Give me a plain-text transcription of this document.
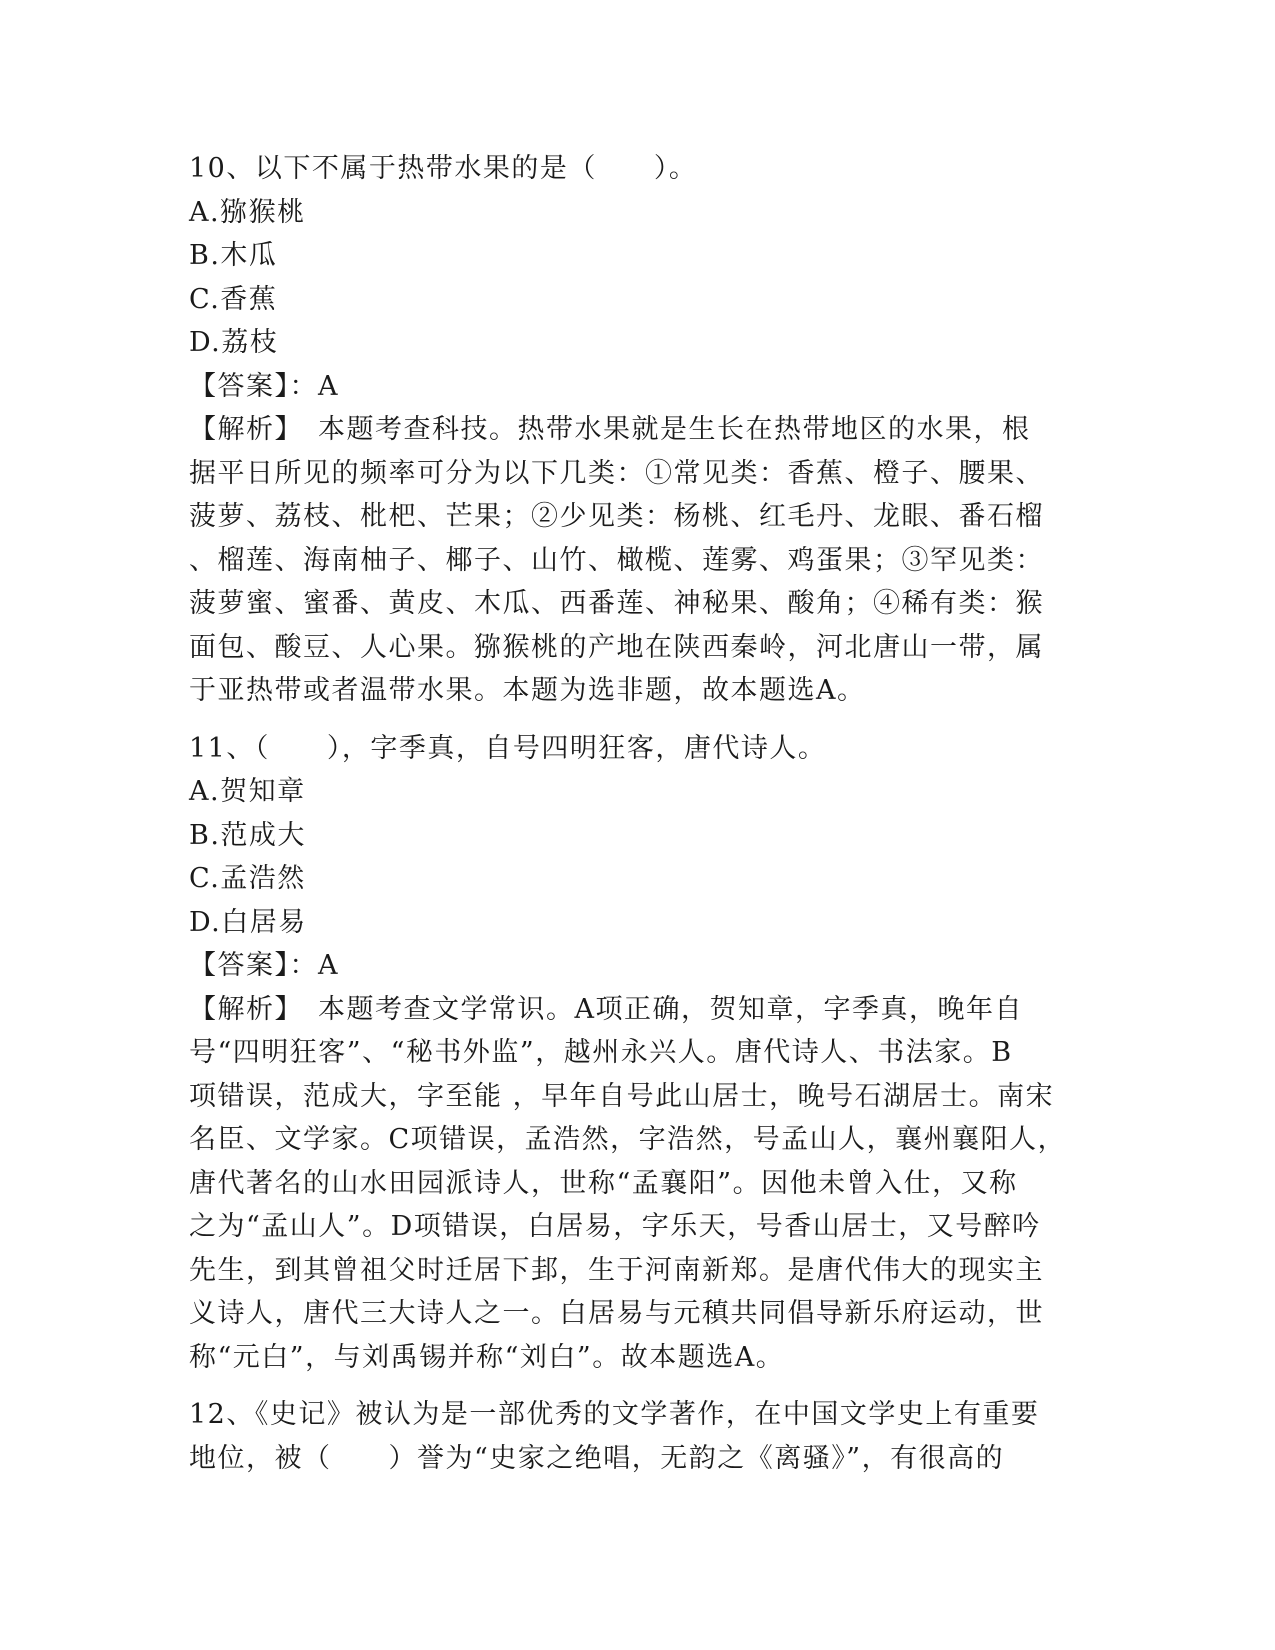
10、以下不属于热带水果的是（　　）。
A.猕猴桃
B.木瓜
C.香蕉
D.荔枝
【答案】：A
【解析】　本题考查科技。热带水果就是生长在热带地区的水果，根
据平日所见的频率可分为以下几类：①常见类：香蕉、橙子、腰果、
菠萝、荔枝、枇杷、芒果；②少见类：杨桃、红毛丹、龙眼、番石榴
、榴莲、海南柚子、椰子、山竹、橄榄、莲雾、鸡蛋果；③罕见类：
菠萝蜜、蜜番、黄皮、木瓜、西番莲、神秘果、酸角；④稀有类：猴
面包、酸豆、人心果。猕猴桃的产地在陕西秦岭，河北唐山一带，属
于亚热带或者温带水果。本题为选非题，故本题选A。
11、（　　），字季真，自号四明狂客，唐代诗人。
A.贺知章
B.范成大
C.孟浩然
D.白居易
【答案】：A
【解析】　本题考查文学常识。A项正确，贺知章，字季真，晚年自
号“四明狂客”、“秘书外监”，越州永兴人。唐代诗人、书法家。B
项错误，范成大，字至能 ，早年自号此山居士，晚号石湖居士。南宋
名臣、文学家。C项错误，孟浩然，字浩然，号孟山人，襄州襄阳人，
唐代著名的山水田园派诗人，世称“孟襄阳”。因他未曾入仕，又称
之为“孟山人”。D项错误，白居易，字乐天，号香山居士，又号醉吟
先生，到其曾祖父时迁居下邽，生于河南新郑。是唐代伟大的现实主
义诗人，唐代三大诗人之一。白居易与元稹共同倡导新乐府运动，世
称“元白”，与刘禹锡并称“刘白”。故本题选A。
12、《史记》被认为是一部优秀的文学著作，在中国文学史上有重要
地位，被（　　）誉为“史家之绝唱，无韵之《离骚》”，有很高的
